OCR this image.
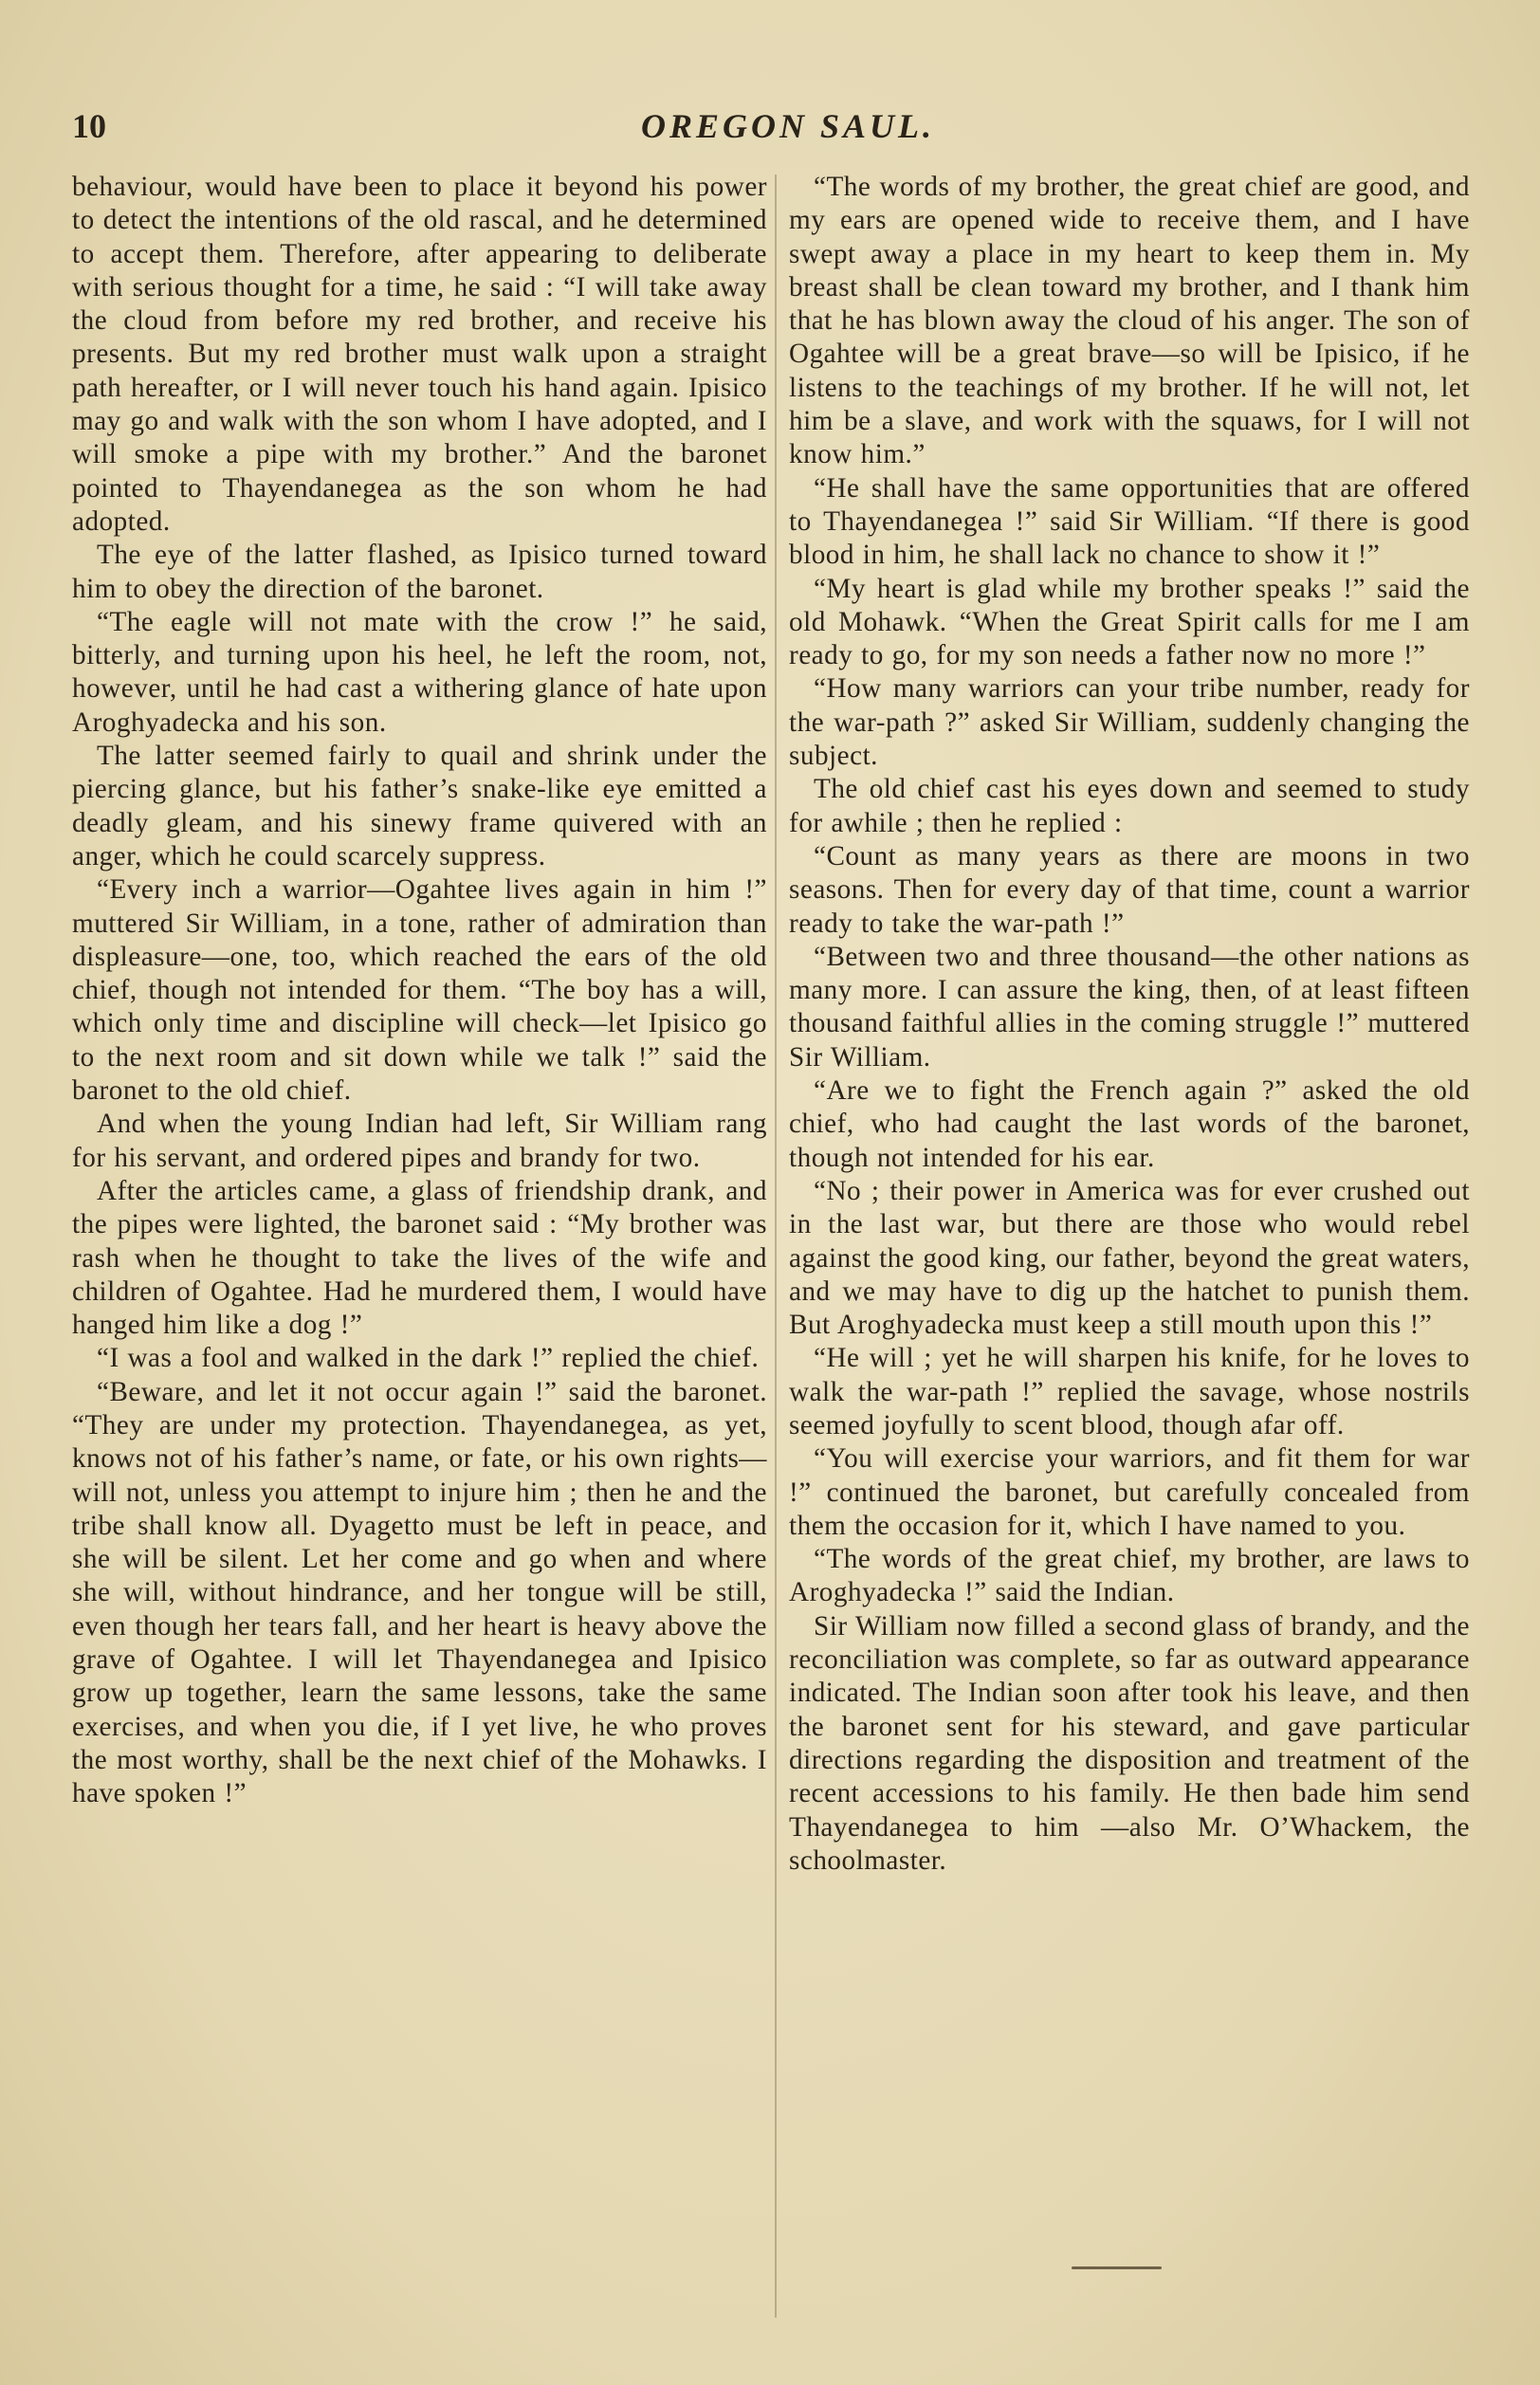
10	OREGON SAUL.

behaviour, would have been to place it beyond his power to detect the intentions of the old rascal, and he determined to accept them. Therefore, after appearing to deliberate with serious thought for a time, he said : “I will take away the cloud from before my red brother, and receive his presents. But my red brother must walk upon a straight path hereafter, or I will never touch his hand again. Ipisico may go and walk with the son whom I have adopted, and I will smoke a pipe with my brother.” And the baronet pointed to Thayendanegea as the son whom he had adopted.

The eye of the latter flashed, as Ipisico turned toward him to obey the direction of the baronet.

“The eagle will not mate with the crow !” he said, bitterly, and turning upon his heel, he left the room, not, however, until he had cast a withering glance of hate upon Aroghyadecka and his son.

The latter seemed fairly to quail and shrink under the piercing glance, but his father’s snake-like eye emitted a deadly gleam, and his sinewy frame quivered with an anger, which he could scarcely suppress.

“Every inch a warrior—Ogahtee lives again in him !” muttered Sir William, in a tone, rather of admiration than displeasure—one, too, which reached the ears of the old chief, though not intended for them. “The boy has a will, which only time and discipline will check—let Ipisico go to the next room and sit down while we talk !” said the baronet to the old chief.

And when the young Indian had left, Sir William rang for his servant, and ordered pipes and brandy for two.

After the articles came, a glass of friendship drank, and the pipes were lighted, the baronet said : “My brother was rash when he thought to take the lives of the wife and children of Ogahtee. Had he murdered them, I would have hanged him like a dog !”

“I was a fool and walked in the dark !” replied the chief.

“Beware, and let it not occur again !” said the baronet. “They are under my protection. Thayendanegea, as yet, knows not of his father’s name, or fate, or his own rights—will not, unless you attempt to injure him ; then he and the tribe shall know all. Dyagetto must be left in peace, and she will be silent. Let her come and go when and where she will, without hindrance, and her tongue will be still, even though her tears fall, and her heart is heavy above the grave of Ogahtee. I will let Thayendanegea and Ipisico grow up together, learn the same lessons, take the same exercises, and when you die, if I yet live, he who proves the most worthy, shall be the next chief of the Mohawks. I have spoken !”

“The words of my brother, the great chief are good, and my ears are opened wide to receive them, and I have swept away a place in my heart to keep them in. My breast shall be clean toward my brother, and I thank him that he has blown away the cloud of his anger. The son of Ogahtee will be a great brave—so will be Ipisico, if he listens to the teachings of my brother. If he will not, let him be a slave, and work with the squaws, for I will not know him.”

“He shall have the same opportunities that are offered to Thayendanegea !” said Sir William. “If there is good blood in him, he shall lack no chance to show it !”

“My heart is glad while my brother speaks !” said the old Mohawk. “When the Great Spirit calls for me I am ready to go, for my son needs a father now no more !”

“How many warriors can your tribe number, ready for the war-path ?” asked Sir William, suddenly changing the subject.

The old chief cast his eyes down and seemed to study for awhile ; then he replied :

“Count as many years as there are moons in two seasons. Then for every day of that time, count a warrior ready to take the war-path !”

“Between two and three thousand—the other nations as many more. I can assure the king, then, of at least fifteen thousand faithful allies in the coming struggle !” muttered Sir William.

“Are we to fight the French again ?” asked the old chief, who had caught the last words of the baronet, though not intended for his ear.

“No ; their power in America was for ever crushed out in the last war, but there are those who would rebel against the good king, our father, beyond the great waters, and we may have to dig up the hatchet to punish them. But Aroghyadecka must keep a still mouth upon this !”

“He will ; yet he will sharpen his knife, for he loves to walk the war-path !” replied the savage, whose nostrils seemed joyfully to scent blood, though afar off.

“You will exercise your warriors, and fit them for war !” continued the baronet, but carefully concealed from them the occasion for it, which I have named to you.

“The words of the great chief, my brother, are laws to Aroghyadecka !” said the Indian.

Sir William now filled a second glass of brandy, and the reconciliation was complete, so far as outward appearance indicated. The Indian soon after took his leave, and then the baronet sent for his steward, and gave particular directions regarding the disposition and treatment of the recent accessions to his family. He then bade him send Thayendanegea to him —also Mr. O’Whackem, the schoolmaster.
